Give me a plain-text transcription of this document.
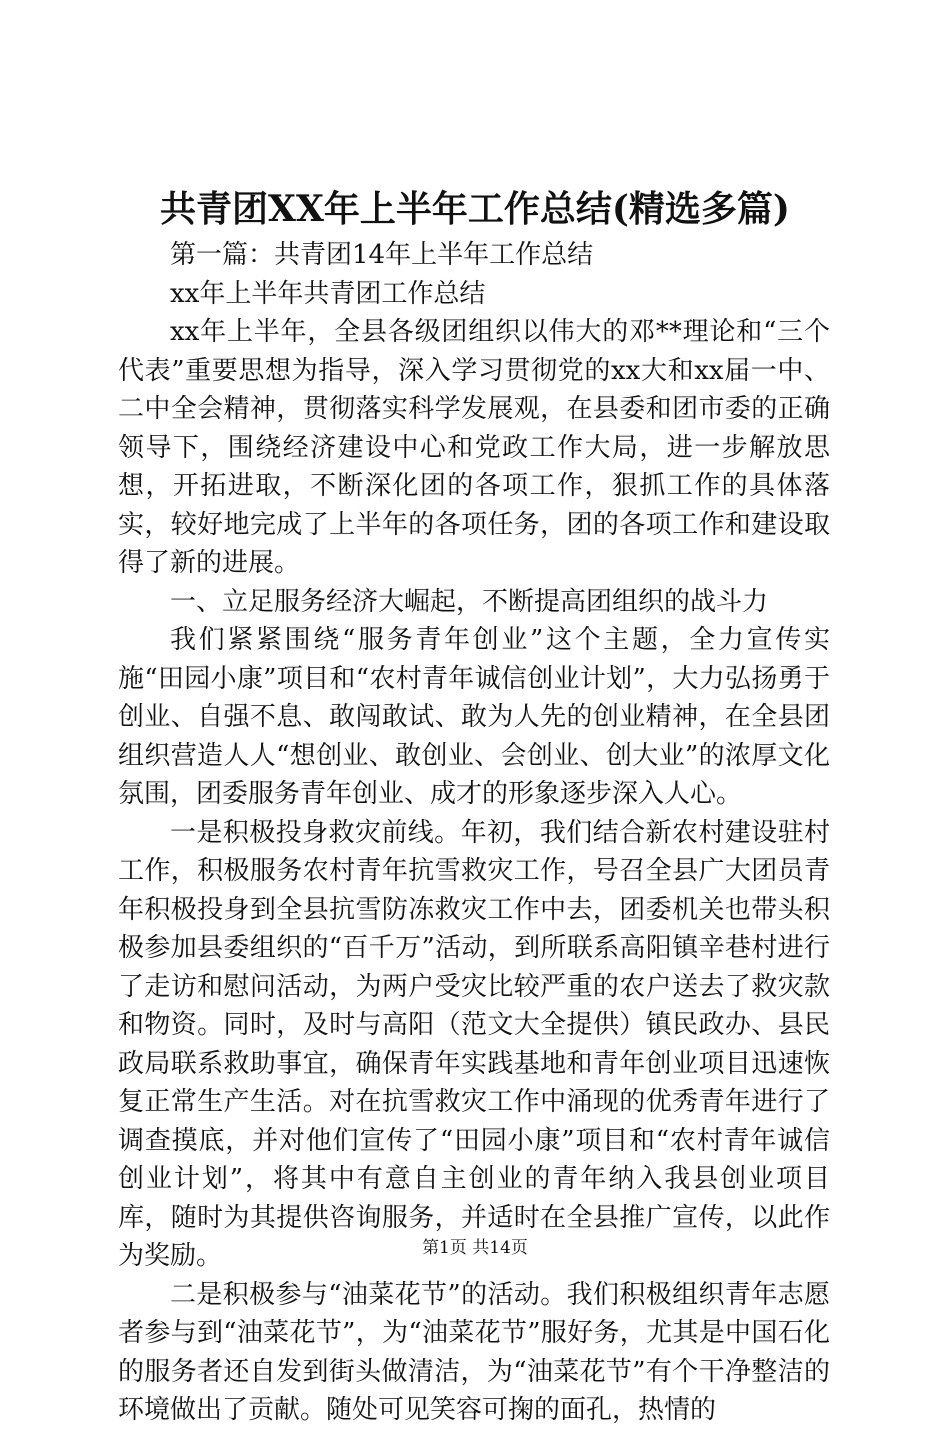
共青团XX年上半年工作总结(精选多篇)

第一篇：共青团14年上半年工作总结

xx年上半年共青团工作总结

xx年上半年，全县各级团组织以伟大的邓**理论和“三个代表”重要思想为指导，深入学习贯彻党的xx大和xx届一中、二中全会精神，贯彻落实科学发展观，在县委和团市委的正确领导下，围绕经济建设中心和党政工作大局，进一步解放思想，开拓进取，不断深化团的各项工作，狠抓工作的具体落实，较好地完成了上半年的各项任务，团的各项工作和建设取得了新的进展。

一、立足服务经济大崛起，不断提高团组织的战斗力

我们紧紧围绕“服务青年创业”这个主题，全力宣传实施“田园小康”项目和“农村青年诚信创业计划”，大力弘扬勇于创业、自强不息、敢闯敢试、敢为人先的创业精神，在全县团组织营造人人“想创业、敢创业、会创业、创大业”的浓厚文化氛围，团委服务青年创业、成才的形象逐步深入人心。

一是积极投身救灾前线。年初，我们结合新农村建设驻村工作，积极服务农村青年抗雪救灾工作，号召全县广大团员青年积极投身到全县抗雪防冻救灾工作中去，团委机关也带头积极参加县委组织的“百千万”活动，到所联系高阳镇辛巷村进行了走访和慰问活动，为两户受灾比较严重的农户送去了救灾款和物资。同时，及时与高阳（范文大全提供）镇民政办、县民政局联系救助事宜，确保青年实践基地和青年创业项目迅速恢复正常生产生活。对在抗雪救灾工作中涌现的优秀青年进行了调查摸底，并对他们宣传了“田园小康”项目和“农村青年诚信创业计划”，将其中有意自主创业的青年纳入我县创业项目库，随时为其提供咨询服务，并适时在全县推广宣传，以此作为奖励。

二是积极参与“油菜花节”的活动。我们积极组织青年志愿者参与到“油菜花节”，为“油菜花节”服好务，尤其是中国石化的服务者还自发到街头做清洁，为“油菜花节”有个干净整洁的环境做出了贡献。随处可见笑容可掬的面孔，热情的

第1页 共14页
